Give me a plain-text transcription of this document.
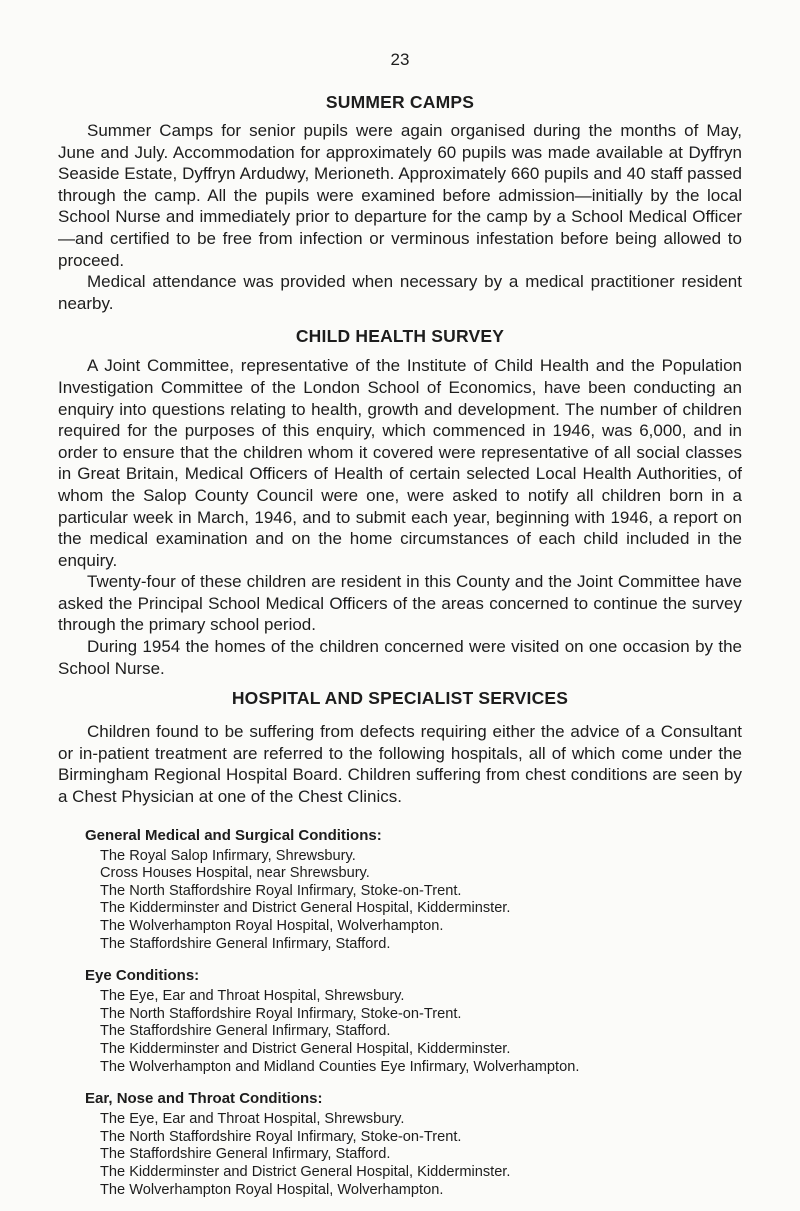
23
SUMMER CAMPS

Summer Camps for senior pupils were again organised during the months of May, June and July. Accommodation for approximately 60 pupils was made available at Dyffryn Seaside Estate, Dyffryn Ardudwy, Merioneth. Approximately 660 pupils and 40 staff passed through the camp. All the pupils were examined before admission—initially by the local School Nurse and immediately prior to departure for the camp by a School Medical Officer—and certified to be free from infection or verminous infestation before being allowed to proceed.

Medical attendance was provided when necessary by a medical practitioner resident nearby.

CHILD HEALTH SURVEY

A Joint Committee, representative of the Institute of Child Health and the Population Investigation Committee of the London School of Economics, have been conducting an enquiry into questions relating to health, growth and development. The number of children required for the purposes of this enquiry, which commenced in 1946, was 6,000, and in order to ensure that the children whom it covered were representative of all social classes in Great Britain, Medical Officers of Health of certain selected Local Health Authorities, of whom the Salop County Council were one, were asked to notify all children born in a particular week in March, 1946, and to submit each year, beginning with 1946, a report on the medical examination and on the home circumstances of each child included in the enquiry.

Twenty-four of these children are resident in this County and the Joint Committee have asked the Principal School Medical Officers of the areas concerned to continue the survey through the primary school period.

During 1954 the homes of the children concerned were visited on one occasion by the School Nurse.

HOSPITAL AND SPECIALIST SERVICES

Children found to be suffering from defects requiring either the advice of a Consultant or in-patient treatment are referred to the following hospitals, all of which come under the Birmingham Regional Hospital Board. Children suffering from chest conditions are seen by a Chest Physician at one of the Chest Clinics.

General Medical and Surgical Conditions:
The Royal Salop Infirmary, Shrewsbury.
Cross Houses Hospital, near Shrewsbury.
The North Staffordshire Royal Infirmary, Stoke-on-Trent.
The Kidderminster and District General Hospital, Kidderminster.
The Wolverhampton Royal Hospital, Wolverhampton.
The Staffordshire General Infirmary, Stafford.
Eye Conditions:
The Eye, Ear and Throat Hospital, Shrewsbury.
The North Staffordshire Royal Infirmary, Stoke-on-Trent.
The Staffordshire General Infirmary, Stafford.
The Kidderminster and District General Hospital, Kidderminster.
The Wolverhampton and Midland Counties Eye Infirmary, Wolverhampton.
Ear, Nose and Throat Conditions:
The Eye, Ear and Throat Hospital, Shrewsbury.
The North Staffordshire Royal Infirmary, Stoke-on-Trent.
The Staffordshire General Infirmary, Stafford.
The Kidderminster and District General Hospital, Kidderminster.
The Wolverhampton Royal Hospital, Wolverhampton.
